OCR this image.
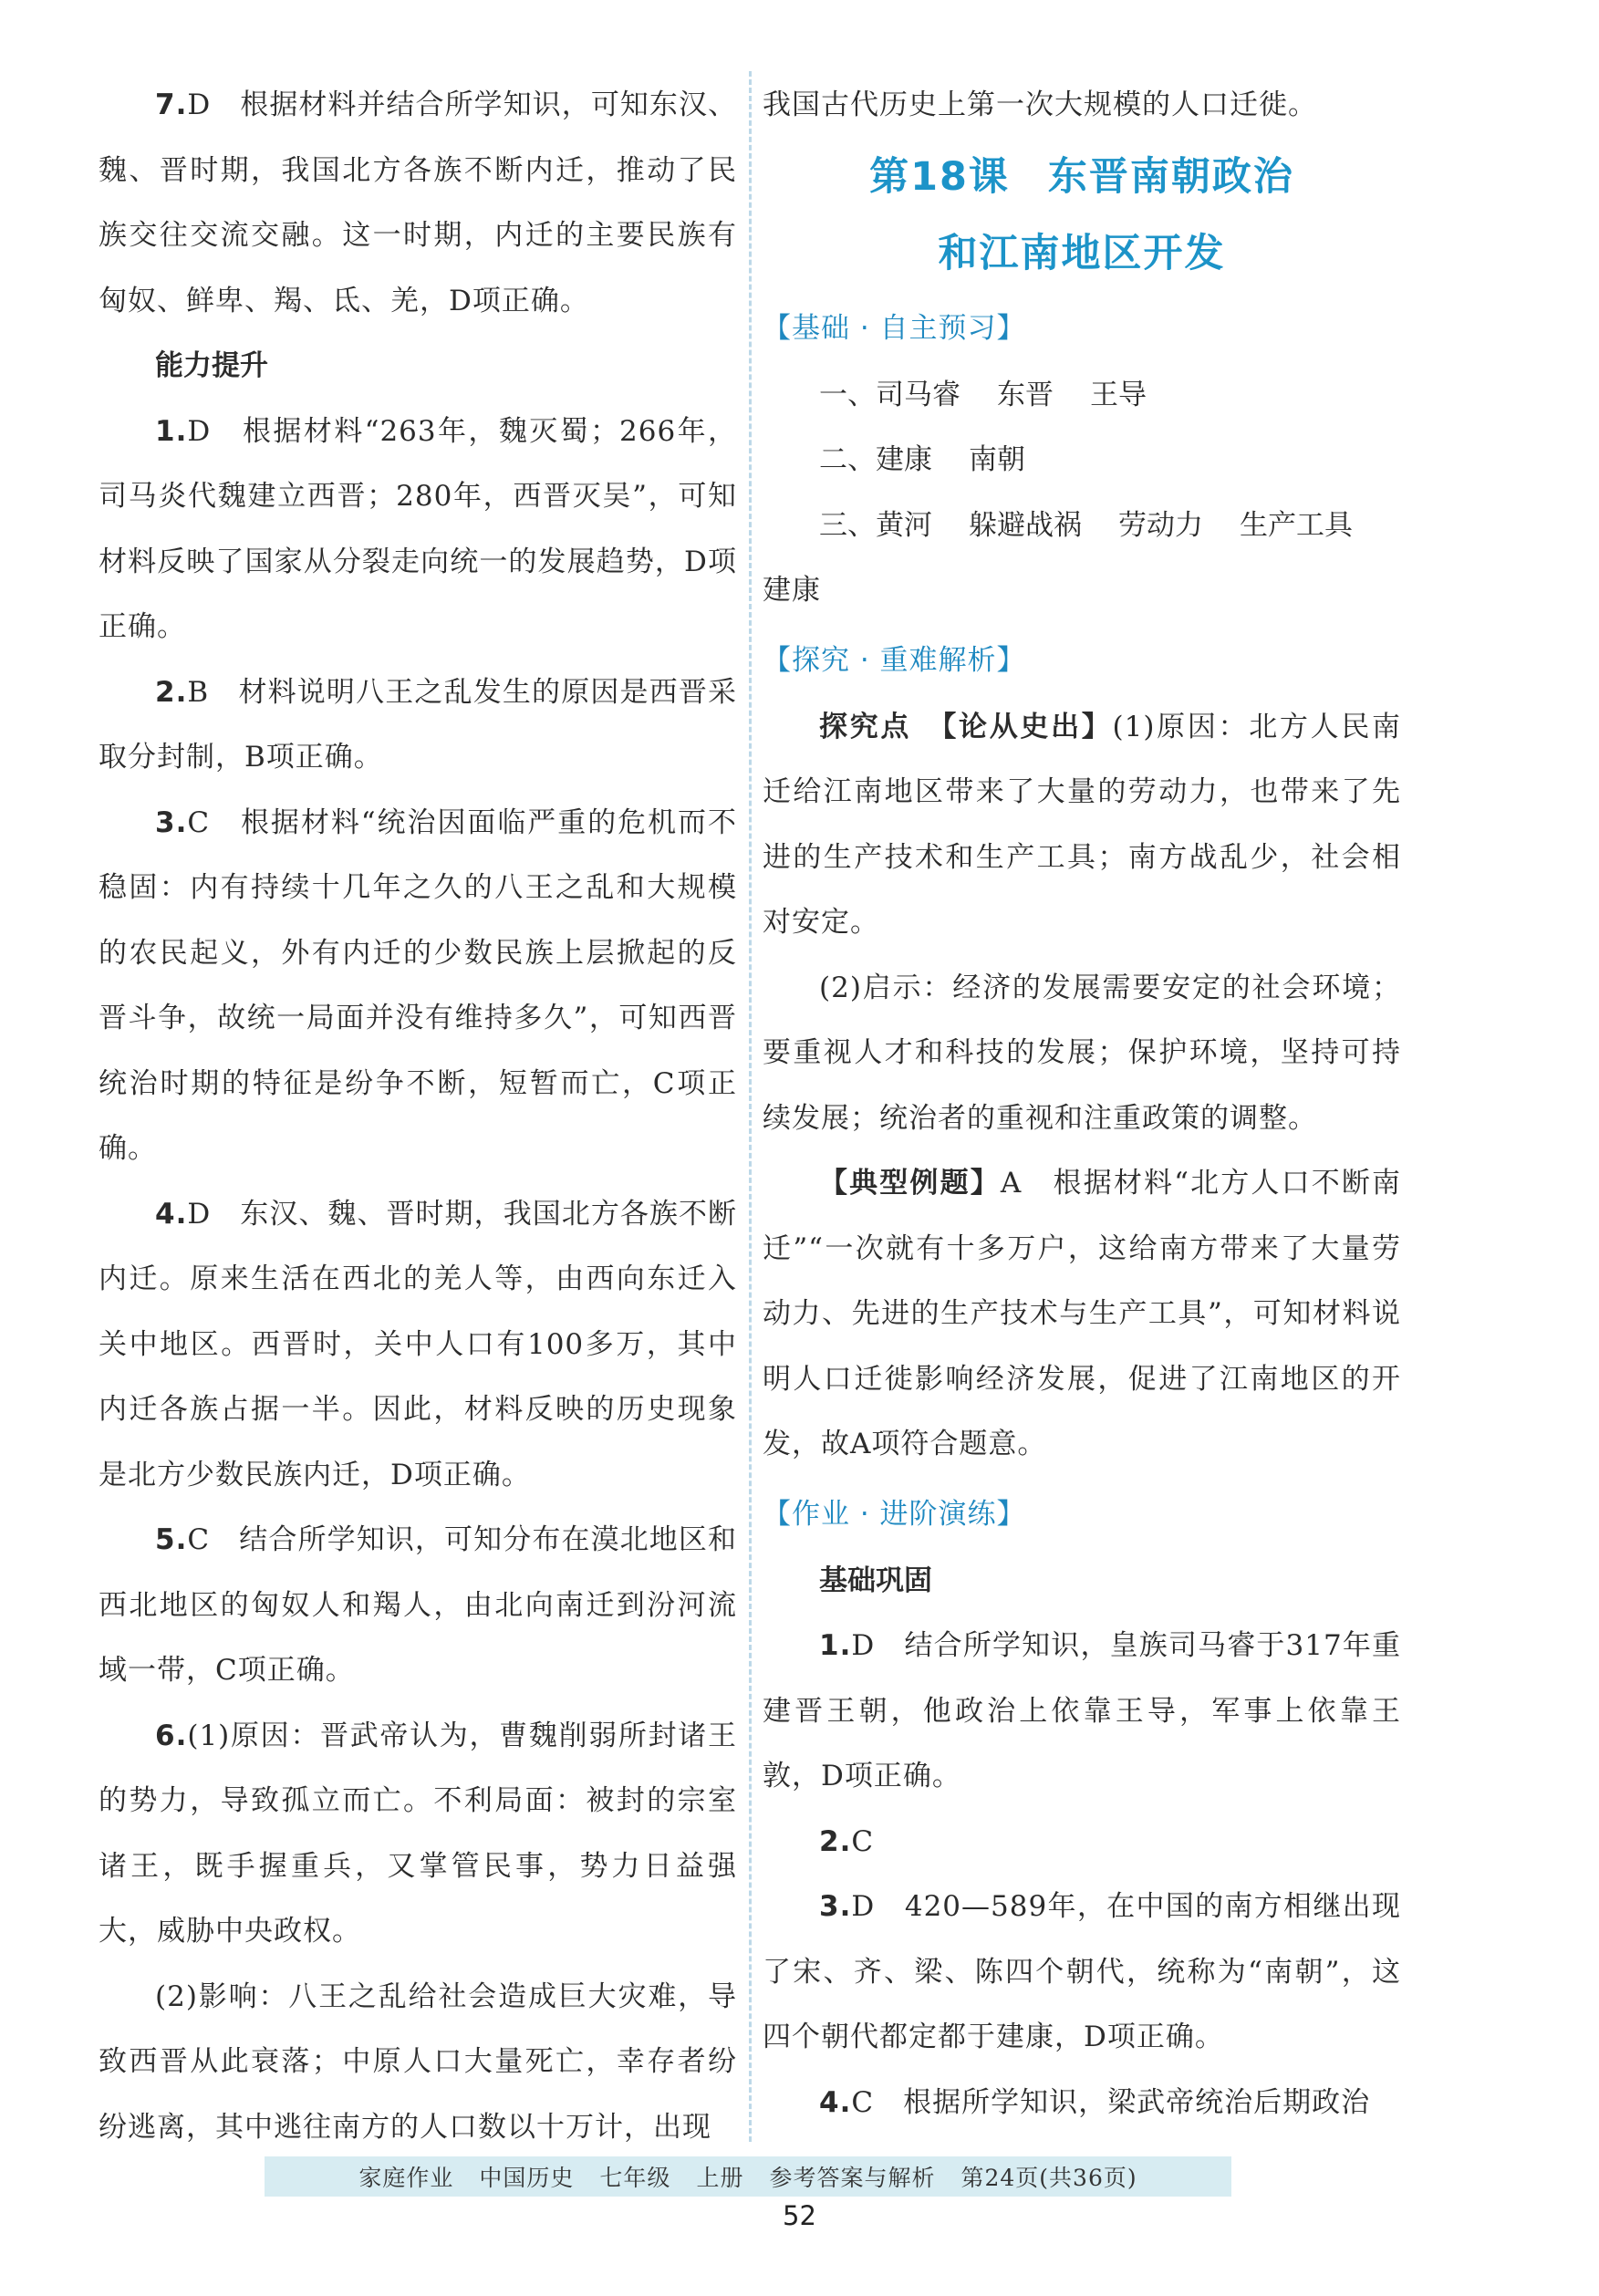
7.D　根据材料并结合所学知识，可知东汉、魏、晋时期，我国北方各族不断内迁，推动了民族交往交流交融。这一时期，内迁的主要民族有匈奴、鲜卑、羯、氐、羌，D项正确。

能力提升

1.D　根据材料“263年，魏灭蜀；266年，司马炎代魏建立西晋；280年，西晋灭吴”，可知材料反映了国家从分裂走向统一的发展趋势，D项正确。

2.B　材料说明八王之乱发生的原因是西晋采取分封制，B项正确。

3.C　根据材料“统治因面临严重的危机而不稳固：内有持续十几年之久的八王之乱和大规模的农民起义，外有内迁的少数民族上层掀起的反晋斗争，故统一局面并没有维持多久”，可知西晋统治时期的特征是纷争不断，短暂而亡，C项正确。

4.D　东汉、魏、晋时期，我国北方各族不断内迁。原来生活在西北的羌人等，由西向东迁入关中地区。西晋时，关中人口有100多万，其中内迁各族占据一半。因此，材料反映的历史现象是北方少数民族内迁，D项正确。

5.C　结合所学知识，可知分布在漠北地区和西北地区的匈奴人和羯人，由北向南迁到汾河流域一带，C项正确。

6.(1)原因：晋武帝认为，曹魏削弱所封诸王的势力，导致孤立而亡。不利局面：被封的宗室诸王，既手握重兵，又掌管民事，势力日益强大，威胁中央政权。

(2)影响：八王之乱给社会造成巨大灾难，导致西晋从此衰落；中原人口大量死亡，幸存者纷纷逃离，其中逃往南方的人口数以十万计，出现

我国古代历史上第一次大规模的人口迁徙。

第18课 东晋南朝政治
和江南地区开发
【基础 · 自主预习】
一、司马睿 东晋 王导
二、建康 南朝
三、黄河 躲避战祸 劳动力 生产工具

建康

【探究 · 重难解析】

探究点　 【论从史出】(1)原因：北方人民南迁给江南地区带来了大量的劳动力，也带来了先进的生产技术和生产工具；南方战乱少，社会相对安定。

(2)启示：经济的发展需要安定的社会环境；要重视人才和科技的发展；保护环境，坚持可持续发展；统治者的重视和注重政策的调整。

【典型例题】A　根据材料“北方人口不断南迁”“一次就有十多万户，这给南方带来了大量劳动力、先进的生产技术与生产工具”，可知材料说明人口迁徙影响经济发展，促进了江南地区的开发，故A项符合题意。

【作业 · 进阶演练】
基础巩固

1.D　结合所学知识，皇族司马睿于317年重建晋王朝，他政治上依靠王导，军事上依靠王敦，D项正确。

2.C

3.D　420—589年，在中国的南方相继出现了宋、齐、梁、陈四个朝代，统称为“南朝”，这四个朝代都定都于建康，D项正确。

4.C　根据所学知识，梁武帝统治后期政治

家庭作业 中国历史 七年级 上册 参考答案与解析 第24页(共36页)
52
